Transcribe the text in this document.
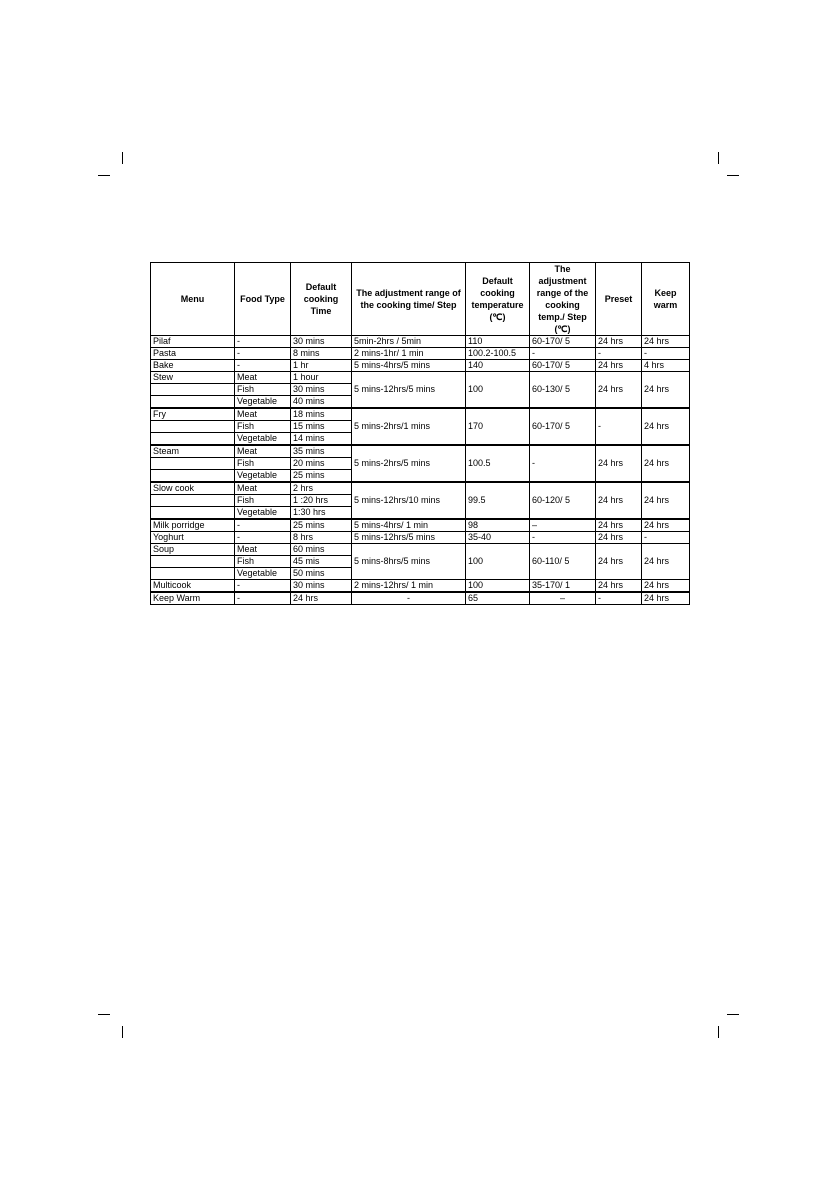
Menu	Food Type	Default cooking Time	The adjustment range of the cooking time/ Step	Default cooking temperature (℃)	The adjustment range of the cooking temp./ Step (℃)	Preset	Keep warm
Pilaf	-	30 mins	5min-2hrs / 5min	110	60-170/ 5	24 hrs	24 hrs
Pasta	-	8 mins	2 mins-1hr/ 1 min	100.2-100.5	-	-	-
Bake	-	1 hr	5 mins-4hrs/5 mins	140	60-170/ 5	24 hrs	4 hrs
Stew	Meat	1 hour	5 mins-12hrs/5 mins	100	60-130/ 5	24 hrs	24 hrs
	Fish	30 mins					
	Vegetable	40 mins					
Fry	Meat	18 mins	5 mins-2hrs/1 mins	170	60-170/ 5	-	24 hrs
	Fish	15 mins					
	Vegetable	14 mins					
Steam	Meat	35 mins	5 mins-2hrs/5 mins	100.5	-	24 hrs	24 hrs
	Fish	20 mins					
	Vegetable	25 mins					
Slow cook	Meat	2 hrs	5 mins-12hrs/10 mins	99.5	60-120/ 5	24 hrs	24 hrs
	Fish	1 :20 hrs					
	Vegetable	1:30 hrs					
Milk porridge	-	25 mins	5 mins-4hrs/ 1 min	98	–	24 hrs	24 hrs
Yoghurt	-	8 hrs	5 mins-12hrs/5 mins	35-40	-	24 hrs	-
Soup	Meat	60 mins	5 mins-8hrs/5 mins	100	60-110/ 5	24 hrs	24 hrs
	Fish	45 mis					
	Vegetable	50 mins					
Multicook	-	30 mins	2 mins-12hrs/ 1 min	100	35-170/ 1	24 hrs	24 hrs
Keep Warm	-	24 hrs	-	65	–	-	24 hrs
